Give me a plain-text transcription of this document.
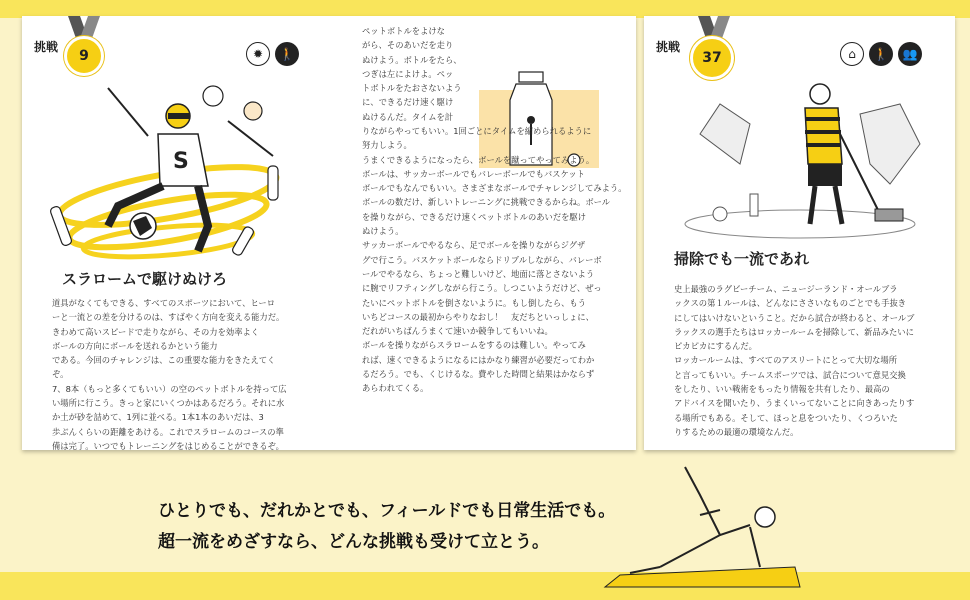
9
挑戦	✹	🚶
S
スラロームで駆けぬけろ

道具がなくてもできる、すべてのスポーツにおいて、ヒーロ

ーと一流との差を分けるのは、すばやく方向を変える能力だ。

きわめて高いスピードで走りながら、その力を効率よく

ボールの方向にボールを送れるかという能力

である。今回のチャレンジは、この重要な能力をきたえてく

ぞ。

7、8本（もっと多くてもいい）の空のペットボトルを持って広

い場所に行こう。きっと家にいくつかはあるだろう。それに水

か土が砂を詰めて、1列に並べる。1本1本のあいだは、3

歩ぶんくらいの距離をあける。これでスラロームのコースの準

備は完了。いつでもトレーニングをはじめることができるぞ。

ペットボトルをよけな

がら、そのあいだを走り

ぬけよう。ボトルをたら、

つぎは左によけよ。ペッ

トボトルをたおさないよう

に、できるだけ速く駆け

ぬけるんだ。タイムを計

りながらやってもいい。1回ごとにタイムを縮められるように

努力しよう。

うまくできるようになったら、ボールを蹴ってやってみよう。

ボールは、サッカーボールでもバレーボールでもバスケット

ボールでもなんでもいい。さまざまなボールでチャレンジしてみよう。

ボールの数だけ、新しいトレーニングに挑戦できるからね。ボール

を操りながら、できるだけ速くペットボトルのあいだを駆け

ぬけよう。

サッカーボールでやるなら、足でボールを操りながらジグザ

グで行こう。バスケットボールならドリブルしながら、バレーボ

ールでやるなら、ちょっと難しいけど、地面に落とさないよう

に腕でリフティングしながら行こう。しつこいようだけど、ぜっ

たいにペットボトルを倒さないように。もし倒したら、もう

いちどコースの最初からやりなおし！　友だちといっしょに、

だれがいちばんうまくて速いか競争してもいいね。

ボールを操りながらスラロームをするのは難しい。やってみ

れば、速くできるようになるにはかなり練習が必要だってわか

るだろう。でも、くじけるな。費やした時間と結果はかならず

あらわれてくる。

37
挑戦	⌂	🚶	👥
掃除でも一流であれ

史上最強のラグビーチーム、ニュージーランド・オールブラ

ックスの第１ルールは、どんなにささいなものごとでも手抜き

にしてはいけないということ。だから試合が終わると、オールブ

ラックスの選手たちはロッカールームを掃除して、新品みたいに

ピカピカにするんだ。

ロッカールームは、すべてのアスリートにとって大切な場所

と言ってもいい。チームスポーツでは、試合について意見交換

をしたり、いい戦術をもったり情報を共有したり、最高の

アドバイスを聞いたり、うまくいってないことに向きあったりす

る場所でもある。そして、ほっと息をついたり、くつろいた

りするための最適の環境なんだ。

ひとりでも、だれかとでも、フィールドでも日常生活でも。
超一流をめざすなら、どんな挑戦も受けて立とう。
